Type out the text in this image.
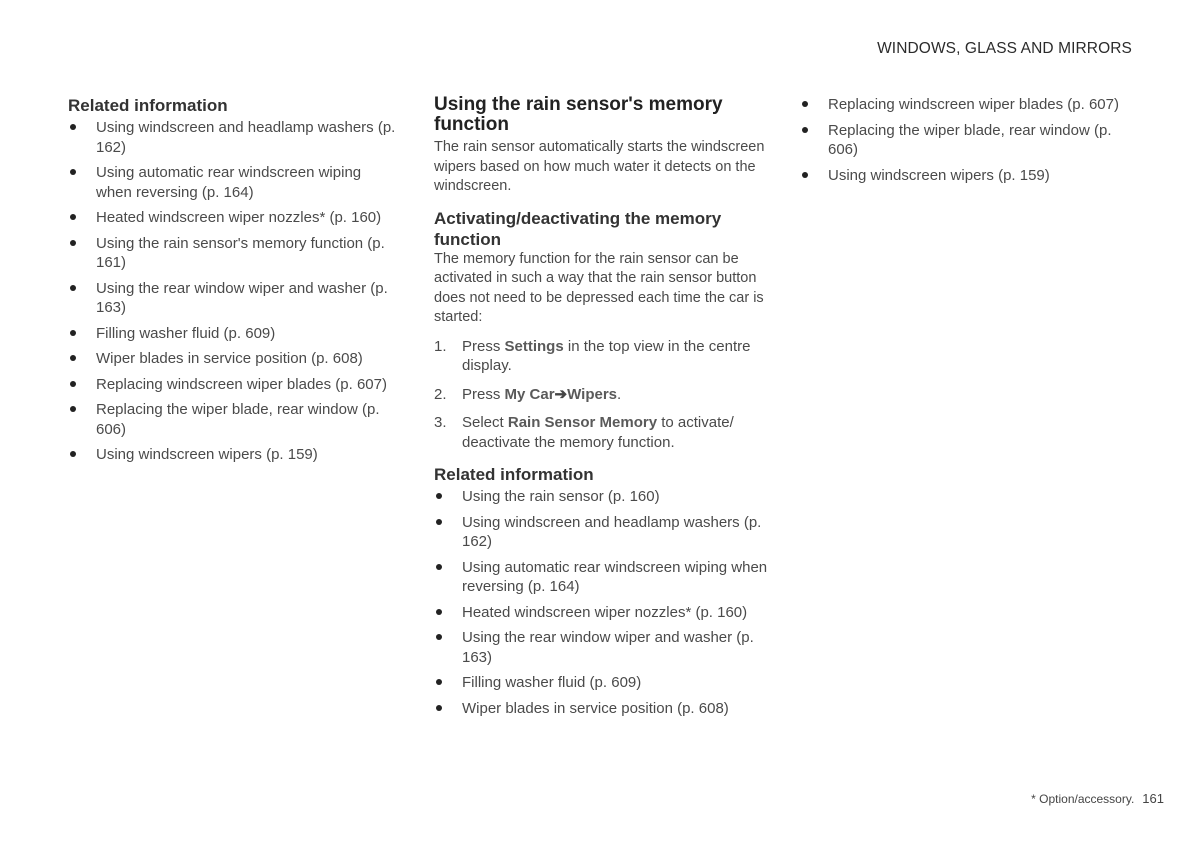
WINDOWS, GLASS AND MIRRORS
Related information
Using windscreen and headlamp washers (p. 162)
Using automatic rear windscreen wiping when reversing (p. 164)
Heated windscreen wiper nozzles* (p. 160)
Using the rain sensor's memory function (p. 161)
Using the rear window wiper and washer (p. 163)
Filling washer fluid (p. 609)
Wiper blades in service position (p. 608)
Replacing windscreen wiper blades (p. 607)
Replacing the wiper blade, rear window (p. 606)
Using windscreen wipers (p. 159)
Using the rain sensor's memory function

The rain sensor automatically starts the windscreen wipers based on how much water it detects on the windscreen.

Activating/deactivating the memory function

The memory function for the rain sensor can be activated in such a way that the rain sensor button does not need to be depressed each time the car is started:

1. Press Settings in the top view in the centre display.
2. Press My Car➔Wipers.
3. Select Rain Sensor Memory to activate/ deactivate the memory function.
Related information
Using the rain sensor (p. 160)
Using windscreen and headlamp washers (p. 162)
Using automatic rear windscreen wiping when reversing (p. 164)
Heated windscreen wiper nozzles* (p. 160)
Using the rear window wiper and washer (p. 163)
Filling washer fluid (p. 609)
Wiper blades in service position (p. 608)
Replacing windscreen wiper blades (p. 607)
Replacing the wiper blade, rear window (p. 606)
Using windscreen wipers (p. 159)
* Option/accessory. 161
